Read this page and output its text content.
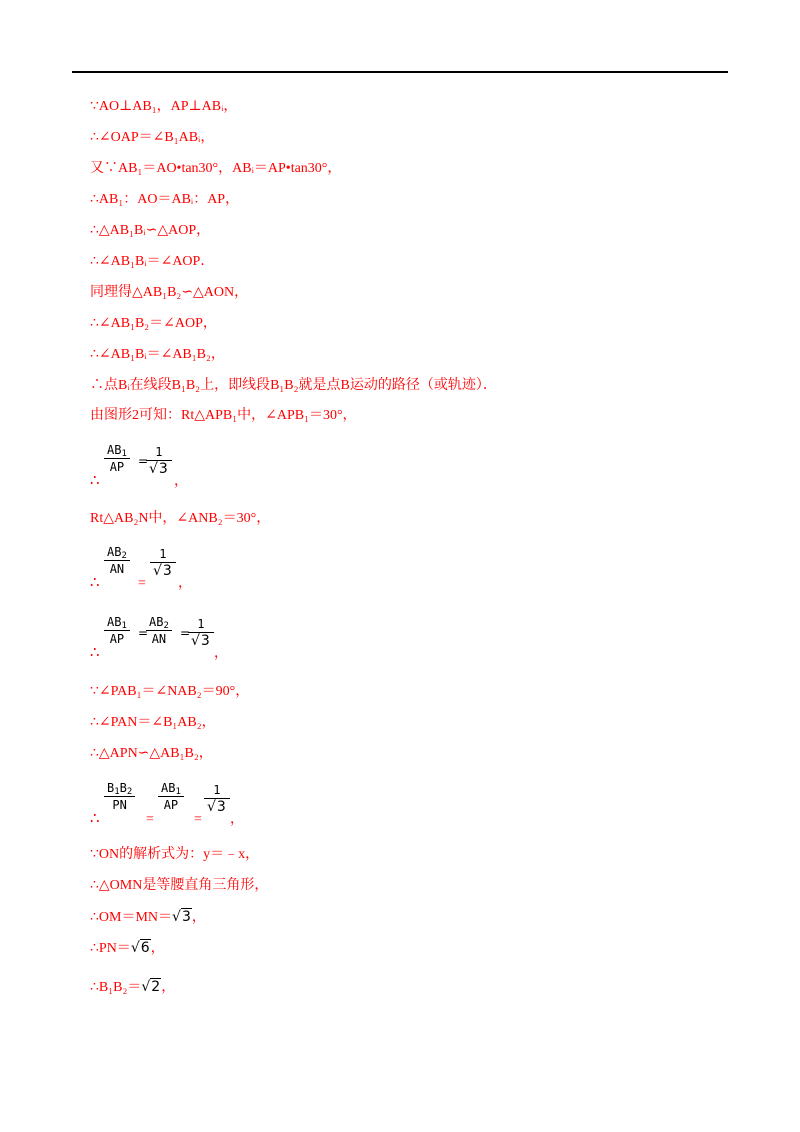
∵AO⊥AB₁，AP⊥ABᵢ，
∴∠OAP＝∠B₁ABᵢ，
又∵AB₁＝AO•tan30°，ABᵢ＝AP•tan30°，
∴AB₁：AO＝ABᵢ：AP，
∴△AB₁Bᵢ∽△AOP，
∴∠AB₁Bᵢ＝∠AOP．
同理得△AB₁B₂∽△AON，
∴∠AB₁B₂＝∠AOP，
∴∠AB₁Bᵢ＝∠AB₁B₂，
∴点Bᵢ在线段B₁B₂上，即线段B₁B₂就是点B运动的路径（或轨迹）．
由图形2可知：Rt△APB₁中，∠APB₁＝30°，
∴
$\frac{AB_1}{AP}$ =
$\frac{1}{√3}$
，
Rt△AB₂N中，∠ANB₂＝30°，
∴
$\frac{AB_2}{AN}$
=
$\frac{1}{√3}$
，
∴
$\frac{AB_1}{AP}$ =
$\frac{AB_2}{AN}$ =
$\frac{1}{√3}$
，
∵∠PAB₁＝∠NAB₂＝90°，
∴∠PAN＝∠B₁AB₂，
∴△APN∽△AB₁B₂，
∴
$\frac{B_1B_2}{PN}$
=
$\frac{AB_1}{AP}$
=
$\frac{1}{√3}$
，
∵ON的解析式为：y＝﹣x，
∴△OMN是等腰直角三角形，
∴OM＝MN＝√3，
∴PN＝√6，
∴B₁B₂＝√2，
